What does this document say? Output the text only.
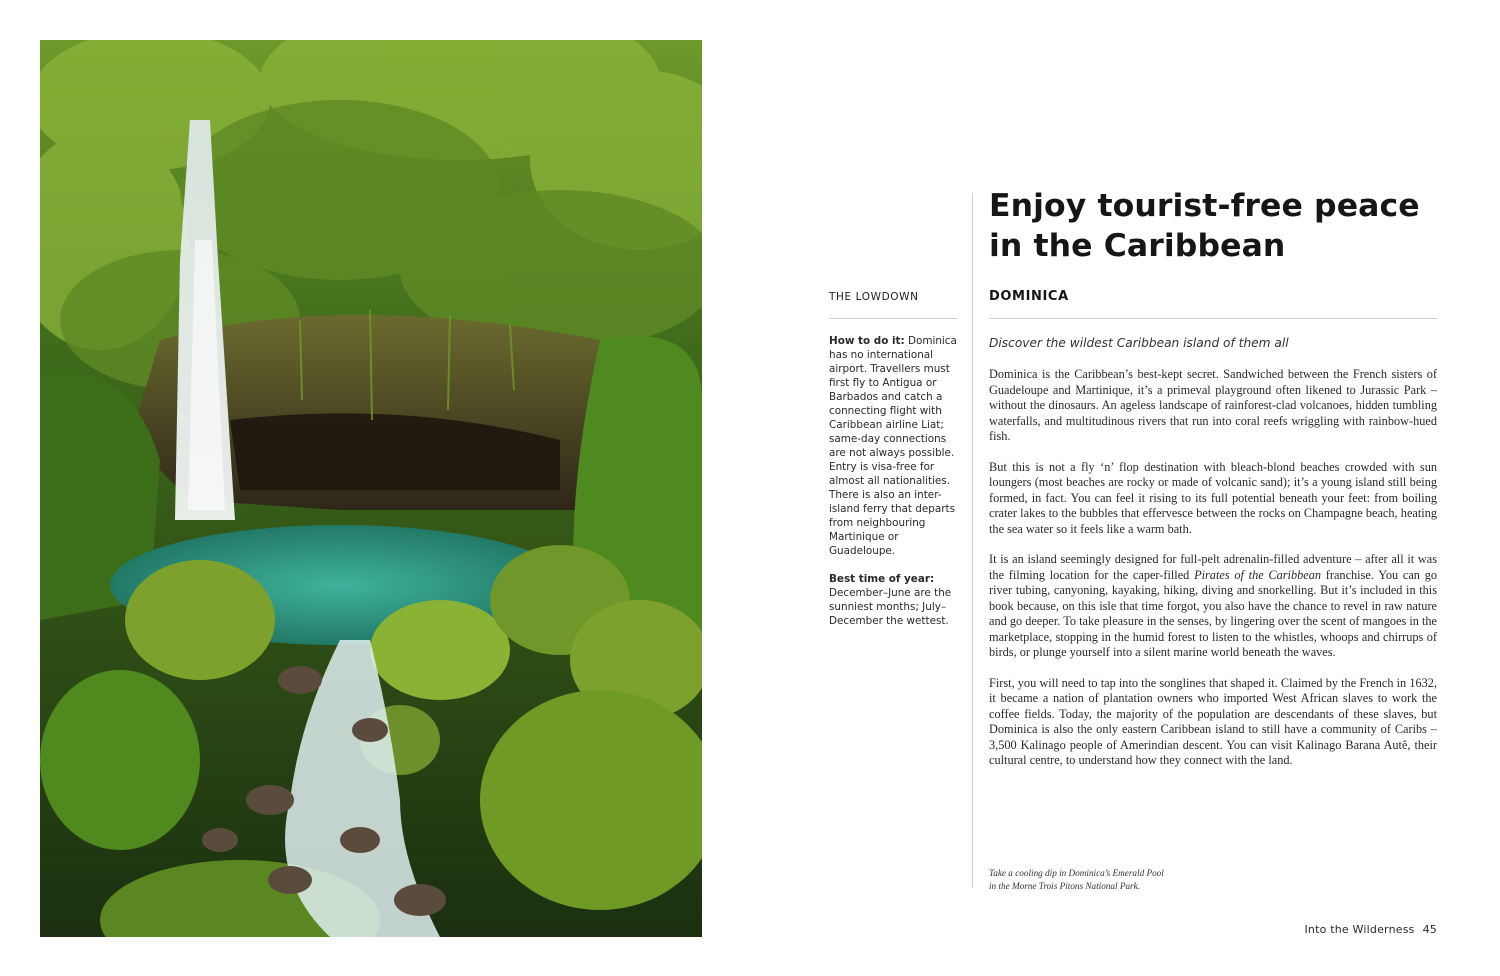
Enjoy tourist-free peace
in the Caribbean
THE LOWDOWN
How to do it: Dominica has no international airport. Travellers must first fly to Antigua or Barbados and catch a connecting flight with Caribbean airline Liat; same-day connections are not always possible. Entry is visa-free for almost all nationalities. There is also an inter-island ferry that departs from neighbouring Martinique or Guadeloupe.
Best time of year:
December–June are the sunniest months; July–December the wettest.
DOMINICA
Discover the wildest Caribbean island of them all

Dominica is the Caribbean’s best-kept secret. Sandwiched between the French sisters of Guadeloupe and Martinique, it’s a primeval playground often likened to Jurassic Park – without the dinosaurs. An ageless landscape of rainforest-clad volcanoes, hidden tumbling waterfalls, and multitudinous rivers that run into coral reefs wriggling with rainbow-hued fish.

But this is not a fly ‘n’ flop destination with bleach-blond beaches crowded with sun loungers (most beaches are rocky or made of volcanic sand); it’s a young island still being formed, in fact. You can feel it rising to its full potential beneath your feet: from boiling crater lakes to the bubbles that effervesce between the rocks on Champagne beach, heating the sea water so it feels like a warm bath.

It is an island seemingly designed for full-pelt adrenalin-filled adventure – after all it was the filming location for the caper-filled Pirates of the Caribbean franchise. You can go river tubing, canyoning, kayaking, hiking, diving and snorkelling. But it’s included in this book because, on this isle that time forgot, you also have the chance to revel in raw nature and go deeper. To take pleasure in the senses, by lingering over the scent of mangoes in the marketplace, stopping in the humid forest to listen to the whistles, whoops and chirrups of birds, or plunge yourself into a silent marine world beneath the waves.

First, you will need to tap into the songlines that shaped it. Claimed by the French in 1632, it became a nation of plantation owners who imported West African slaves to work the coffee fields. Today, the majority of the population are descendants of these slaves, but Dominica is also the only eastern Caribbean island to still have a community of Caribs – 3,500 Kalinago people of Amerindian descent. You can visit Kalinago Barana Autê, their cultural centre, to understand how they connect with the land.

Take a cooling dip in Dominica’s Emerald Pool
in the Morne Trois Pitons National Park.
Into the Wilderness 45
